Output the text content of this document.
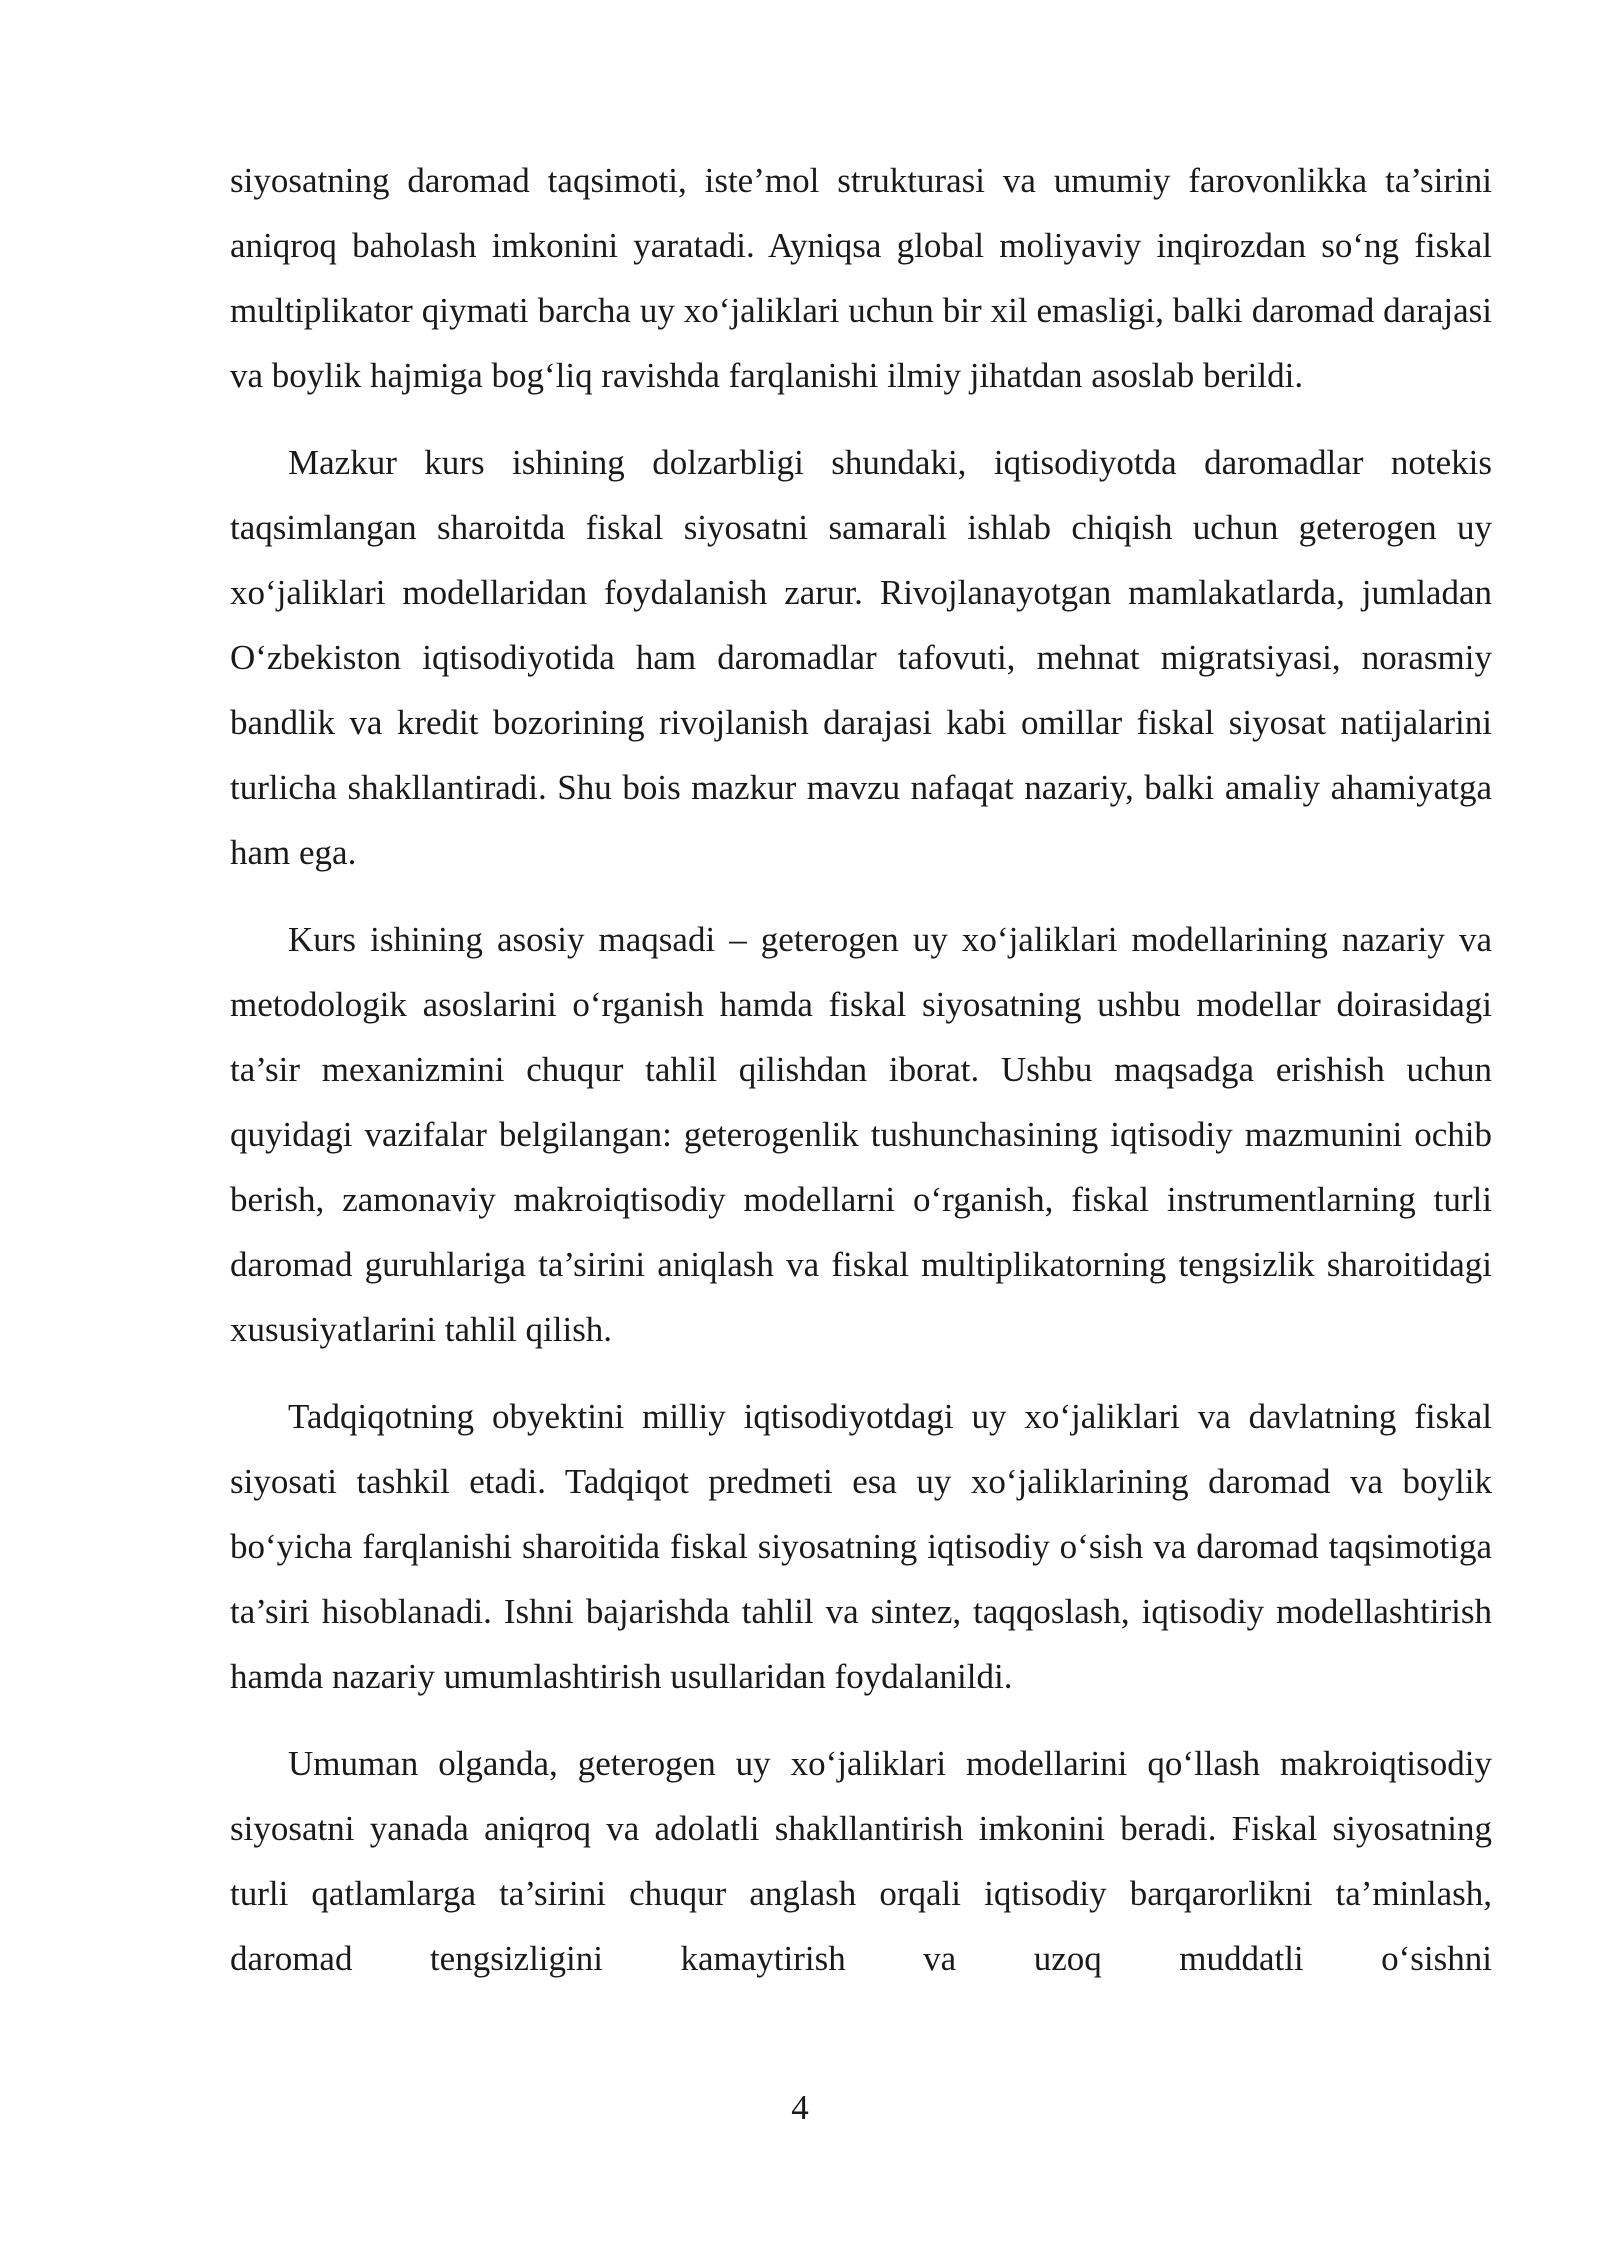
siyosatning daromad taqsimoti, iste’mol strukturasi va umumiy farovonlikka ta’sirini aniqroq baholash imkonini yaratadi. Ayniqsa global moliyaviy inqirozdan so‘ng fiskal multiplikator qiymati barcha uy xo‘jaliklari uchun bir xil emasligi, balki daromad darajasi va boylik hajmiga bog‘liq ravishda farqlanishi ilmiy jihatdan asoslab berildi.

Mazkur kurs ishining dolzarbligi shundaki, iqtisodiyotda daromadlar notekis taqsimlangan sharoitda fiskal siyosatni samarali ishlab chiqish uchun geterogen uy xo‘jaliklari modellaridan foydalanish zarur. Rivojlanayotgan mamlakatlarda, jumladan O‘zbekiston iqtisodiyotida ham daromadlar tafovuti, mehnat migratsiyasi, norasmiy bandlik va kredit bozorining rivojlanish darajasi kabi omillar fiskal siyosat natijalarini turlicha shakllantiradi. Shu bois mazkur mavzu nafaqat nazariy, balki amaliy ahamiyatga ham ega.

Kurs ishining asosiy maqsadi – geterogen uy xo‘jaliklari modellarining nazariy va metodologik asoslarini o‘rganish hamda fiskal siyosatning ushbu modellar doirasidagi ta’sir mexanizmini chuqur tahlil qilishdan iborat. Ushbu maqsadga erishish uchun quyidagi vazifalar belgilangan: geterogenlik tushunchasining iqtisodiy mazmunini ochib berish, zamonaviy makroiqtisodiy modellarni o‘rganish, fiskal instrumentlarning turli daromad guruhlariga ta’sirini aniqlash va fiskal multiplikatorning tengsizlik sharoitidagi xususiyatlarini tahlil qilish.

Tadqiqotning obyektini milliy iqtisodiyotdagi uy xo‘jaliklari va davlatning fiskal siyosati tashkil etadi. Tadqiqot predmeti esa uy xo‘jaliklarining daromad va boylik bo‘yicha farqlanishi sharoitida fiskal siyosatning iqtisodiy o‘sish va daromad taqsimotiga ta’siri hisoblanadi. Ishni bajarishda tahlil va sintez, taqqoslash, iqtisodiy modellashtirish hamda nazariy umumlashtirish usullaridan foydalanildi.

Umuman olganda, geterogen uy xo‘jaliklari modellarini qo‘llash makroiqtisodiy siyosatni yanada aniqroq va adolatli shakllantirish imkonini beradi. Fiskal siyosatning turli qatlamlarga ta’sirini chuqur anglash orqali iqtisodiy barqarorlikni ta’minlash, daromad tengsizligini kamaytirish va uzoq muddatli o‘sishni

4
